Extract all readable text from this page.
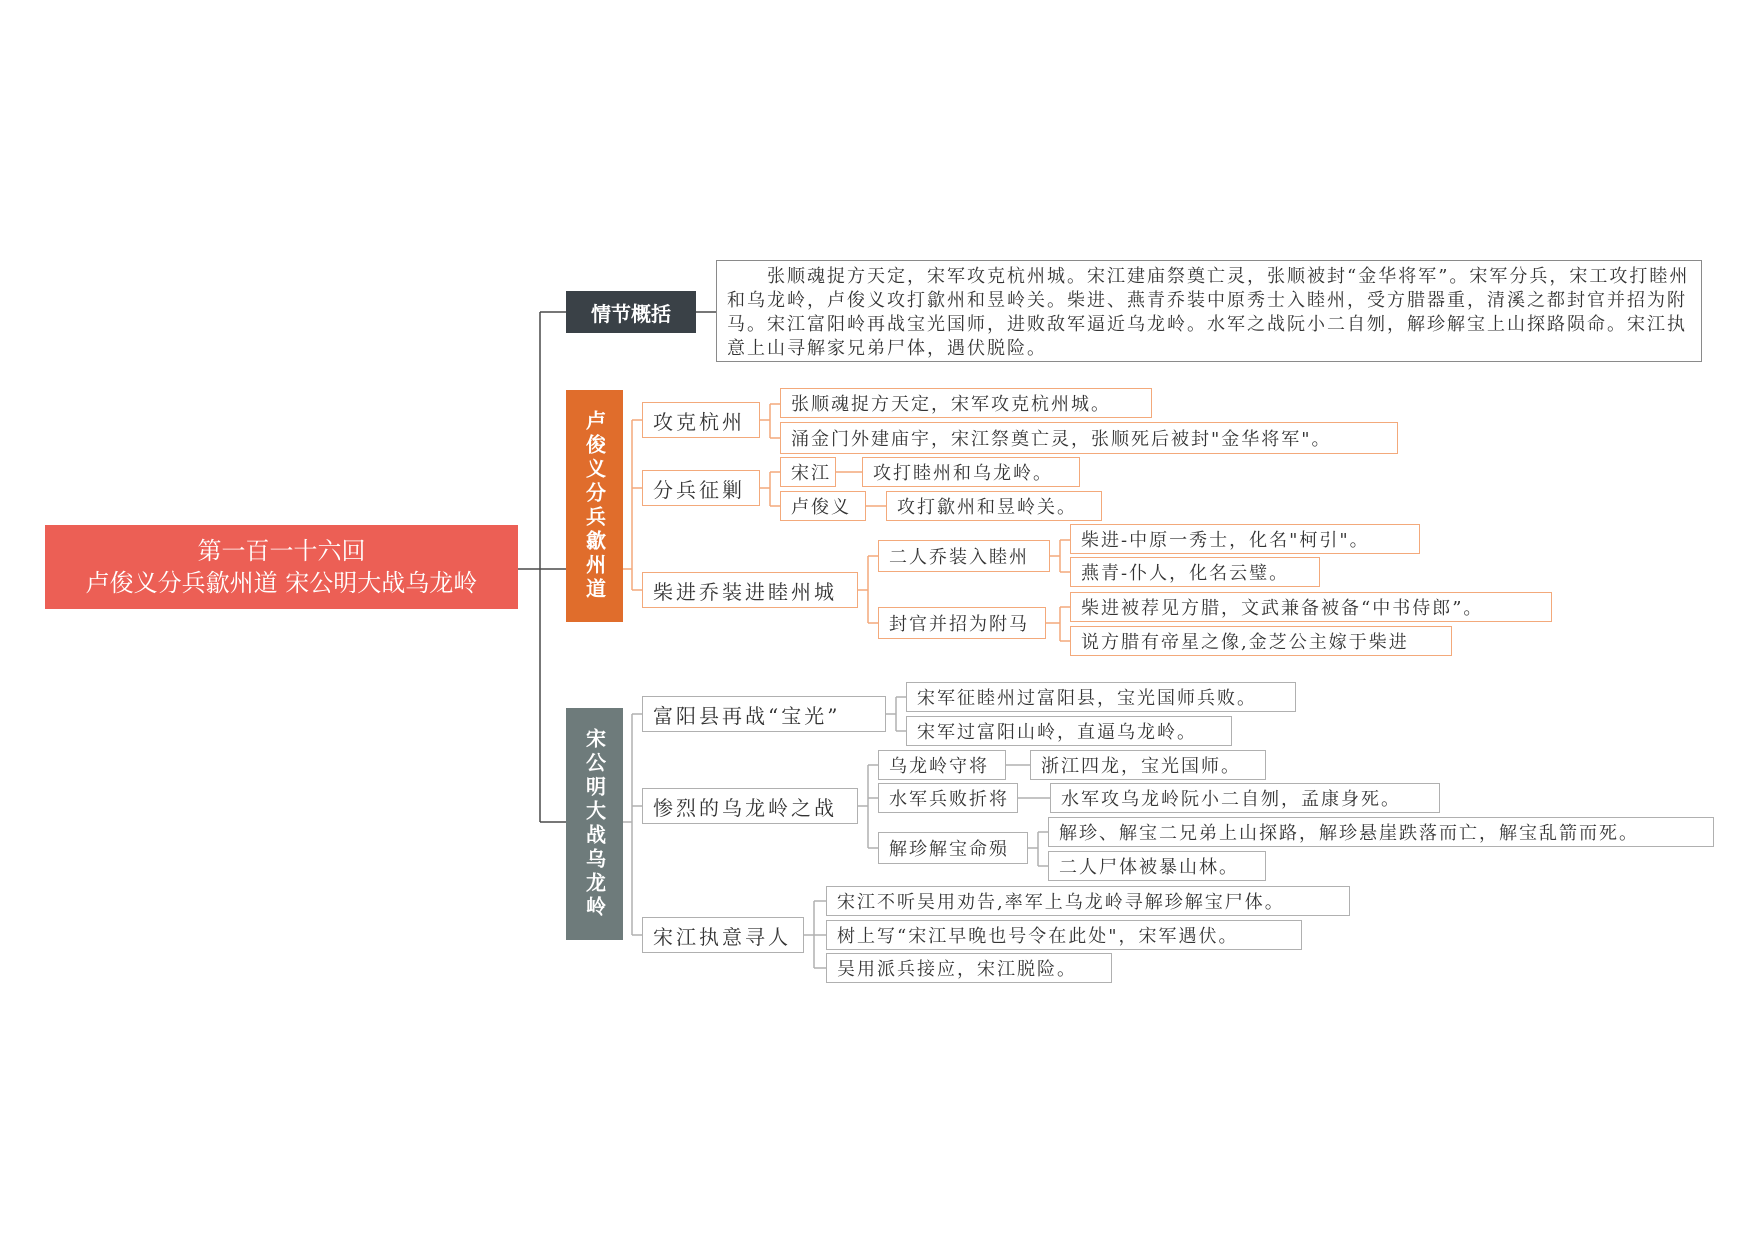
第一百一十六回
卢俊义分兵歙州道 宋公明大战乌龙岭
情节概括
张顺魂捉方天定，宋军攻克杭州城。宋江建庙祭奠亡灵，张顺被封“金华将军”。宋军分兵，宋工攻打睦州和乌龙岭，卢俊义攻打歙州和昱岭关。柴进、燕青乔装中原秀士入睦州，受方腊器重，清溪之都封官并招为附马。宋江富阳岭再战宝光国师，进败敌军逼近乌龙岭。水军之战阮小二自刎，解珍解宝上山探路陨命。宋江执意上山寻解家兄弟尸体，遇伏脱险。
卢俊义分兵歙州道	攻克杭州
张顺魂捉方天定，宋军攻克杭州城。
涌金门外建庙宇，宋江祭奠亡灵，张顺死后被封"金华将军"。
分兵征剿
宋江	攻打睦州和乌龙岭。
卢俊义	攻打歙州和昱岭关。
柴进乔装进睦州城
二人乔装入睦州
柴进-中原一秀士，化名"柯引"。
燕青-仆人，化名云璧。
封官并招为附马
柴进被荐见方腊，文武兼备被备“中书侍郎”。
说方腊有帝星之像,金芝公主嫁于柴进
宋公明大战乌龙岭
富阳县再战“宝光”
宋军征睦州过富阳县，宝光国师兵败。
宋军过富阳山岭，直逼乌龙岭。
惨烈的乌龙岭之战
乌龙岭守将	浙江四龙，宝光国师。
水军兵败折将	水军攻乌龙岭阮小二自刎，孟康身死。
解珍解宝命殒
解珍、解宝二兄弟上山探路，解珍悬崖跌落而亡，解宝乱箭而死。
二人尸体被暴山林。
宋江执意寻人
宋江不听吴用劝告,率军上乌龙岭寻解珍解宝尸体。
树上写“宋江早晚也号令在此处"，宋军遇伏。
吴用派兵接应，宋江脱险。
